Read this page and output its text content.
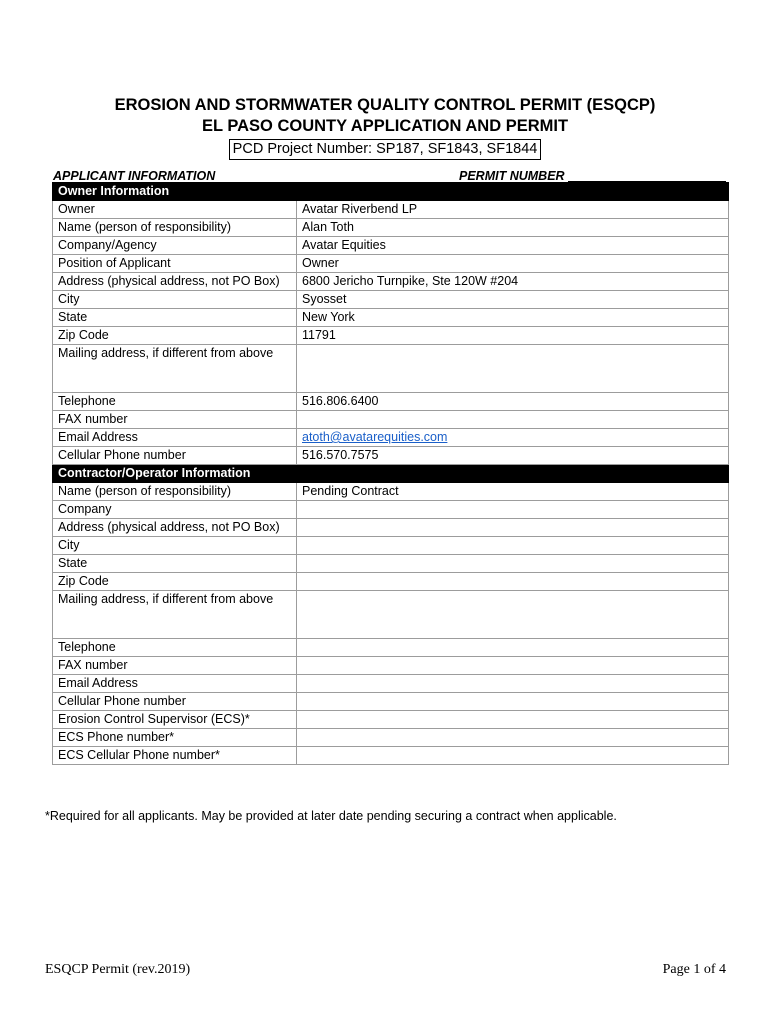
EROSION AND STORMWATER QUALITY CONTROL PERMIT (ESQCP)
EL PASO COUNTY APPLICATION AND PERMIT
PCD Project Number: SP187, SF1843, SF1844
APPLICANT INFORMATION	PERMIT NUMBER
Owner Information	
Owner	Avatar Riverbend LP
Name (person of responsibility)	Alan Toth
Company/Agency	Avatar Equities
Position of Applicant	Owner
Address (physical address, not PO Box)	6800 Jericho Turnpike, Ste 120W #204
City	Syosset
State	New York
Zip Code	11791
Mailing address, if different from above	
Telephone	516.806.6400
FAX number	
Email Address	atoth@avatarequities.com
Cellular Phone number	516.570.7575
Contractor/Operator Information	
Name (person of responsibility)	Pending Contract
Company	
Address (physical address, not PO Box)	
City	
State	
Zip Code	
Mailing address, if different from above	
Telephone	
FAX number	
Email Address	
Cellular Phone number	
Erosion Control Supervisor (ECS)*	
ECS Phone number*	
ECS Cellular Phone number*	
*Required for all applicants. May be provided at later date pending securing a contract when applicable.
ESQCP Permit (rev.2019)	Page 1 of 4
